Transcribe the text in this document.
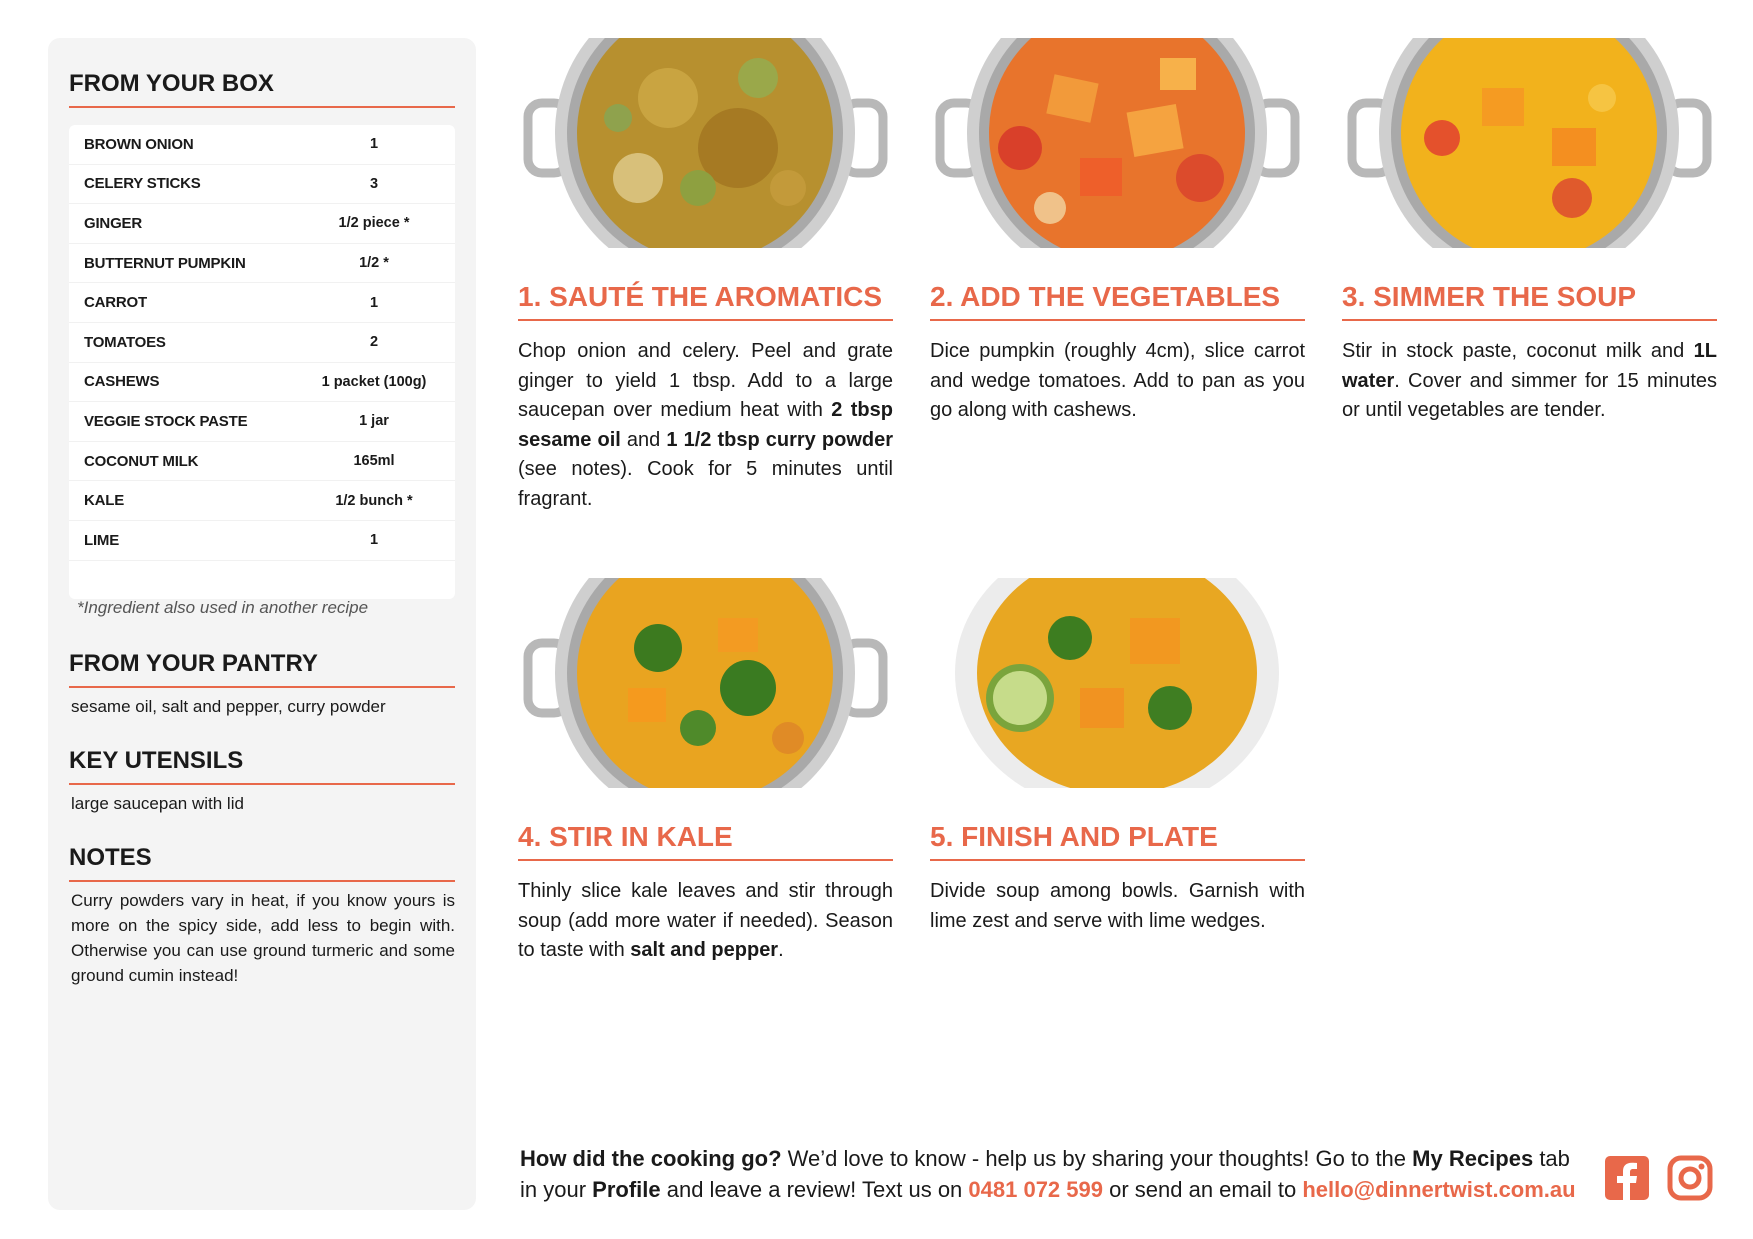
FROM YOUR BOX
BROWN ONION	1
CELERY STICKS	3
GINGER	1/2 piece *
BUTTERNUT PUMPKIN	1/2 *
CARROT	1
TOMATOES	2
CASHEWS	1 packet (100g)
VEGGIE STOCK PASTE	1 jar
COCONUT MILK	165ml
KALE	1/2 bunch *
LIME	1
*Ingredient also used in another recipe
FROM YOUR PANTRY

sesame oil, salt and pepper, curry powder

KEY UTENSILS

large saucepan with lid

NOTES

Curry powders vary in heat, if you know yours is more on the spicy side, add less to begin with. Otherwise you can use ground turmeric and some ground cumin instead!

1. SAUTÉ THE AROMATICS

Chop onion and celery. Peel and grate ginger to yield 1 tbsp. Add to a large saucepan over medium heat with 2 tbsp sesame oil and 1 1/2 tbsp curry powder (see notes). Cook for 5 minutes until fragrant.

2. ADD THE VEGETABLES

Dice pumpkin (roughly 4cm), slice carrot and wedge tomatoes. Add to pan as you go along with cashews.

3. SIMMER THE SOUP

Stir in stock paste, coconut milk and 1L water. Cover and simmer for 15 minutes or until vegetables are tender.

4. STIR IN KALE

Thinly slice kale leaves and stir through soup (add more water if needed). Season to taste with salt and pepper.

5. FINISH AND PLATE

Divide soup among bowls. Garnish with lime zest and serve with lime wedges.

How did the cooking go? We’d love to know - help us by sharing your thoughts! Go to the My Recipes tab in your Profile and leave a review! Text us on 0481 072 599 or send an email to hello@dinnertwist.com.au
